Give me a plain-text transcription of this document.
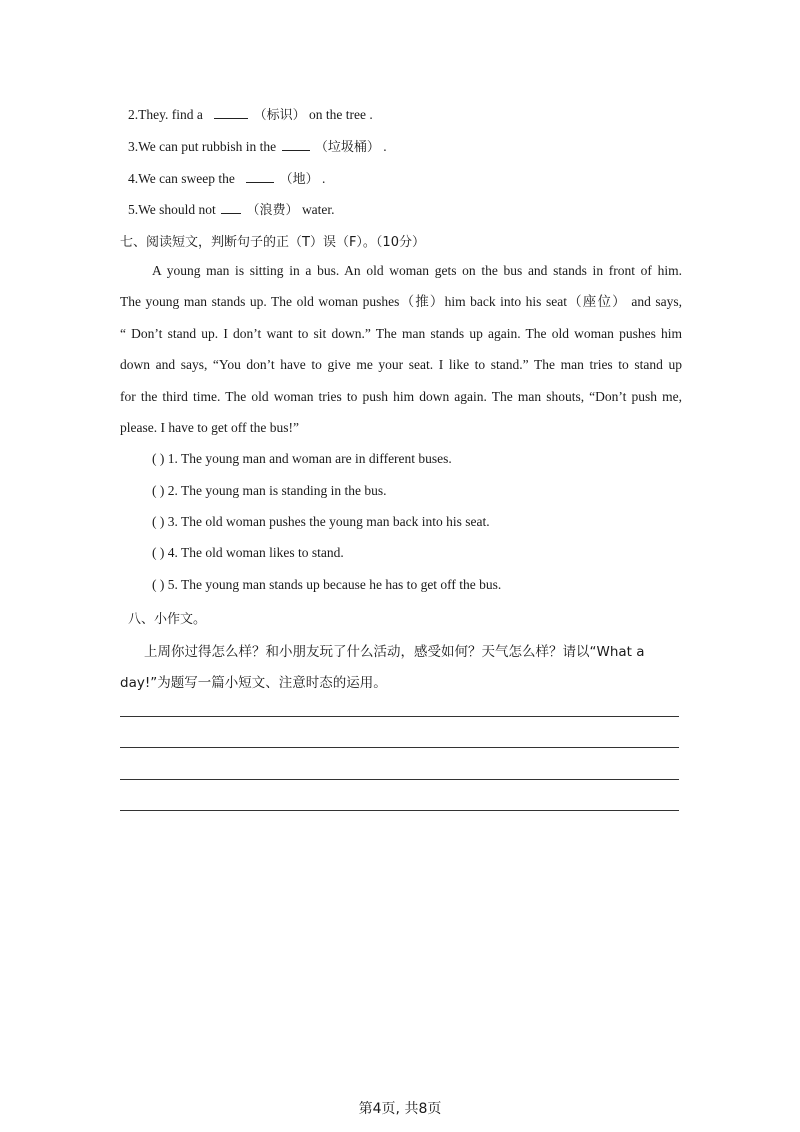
2.They. find a	（标识） on the tree .
3.We can put rubbish in the	（垃圾桶） .
4.We can sweep the	（地） .
5.We should not （浪费） water.
七、阅读短文，判断句子的正（T）误（F）。（10分）
A young man is sitting in a bus. An old woman gets on the bus and stands in front of him.
The young man stands up. The old woman pushes（推）him back into his seat（座位） and says,
“ Don’t stand up. I don’t want to sit down.” The man stands up again. The old woman pushes him
down and says, “You don’t have to give me your seat. I like to stand.” The man tries to stand up
for the third time. The old woman tries to push him down again. The man shouts, “Don’t push me,
please. I have to get off the bus!”
( ) 1. The young man and woman are in different buses.
( ) 2. The young man is standing in the bus.
( ) 3. The old woman pushes the young man back into his seat.
( ) 4. The old woman likes to stand.
( ) 5. The young man stands up because he has to get off the bus.
八、小作文。
上周你过得怎么样？和小朋友玩了什么活动，感受如何？天气怎么样？请以“What a
day!”为题写一篇小短文、注意时态的运用。
第4页, 共8页
